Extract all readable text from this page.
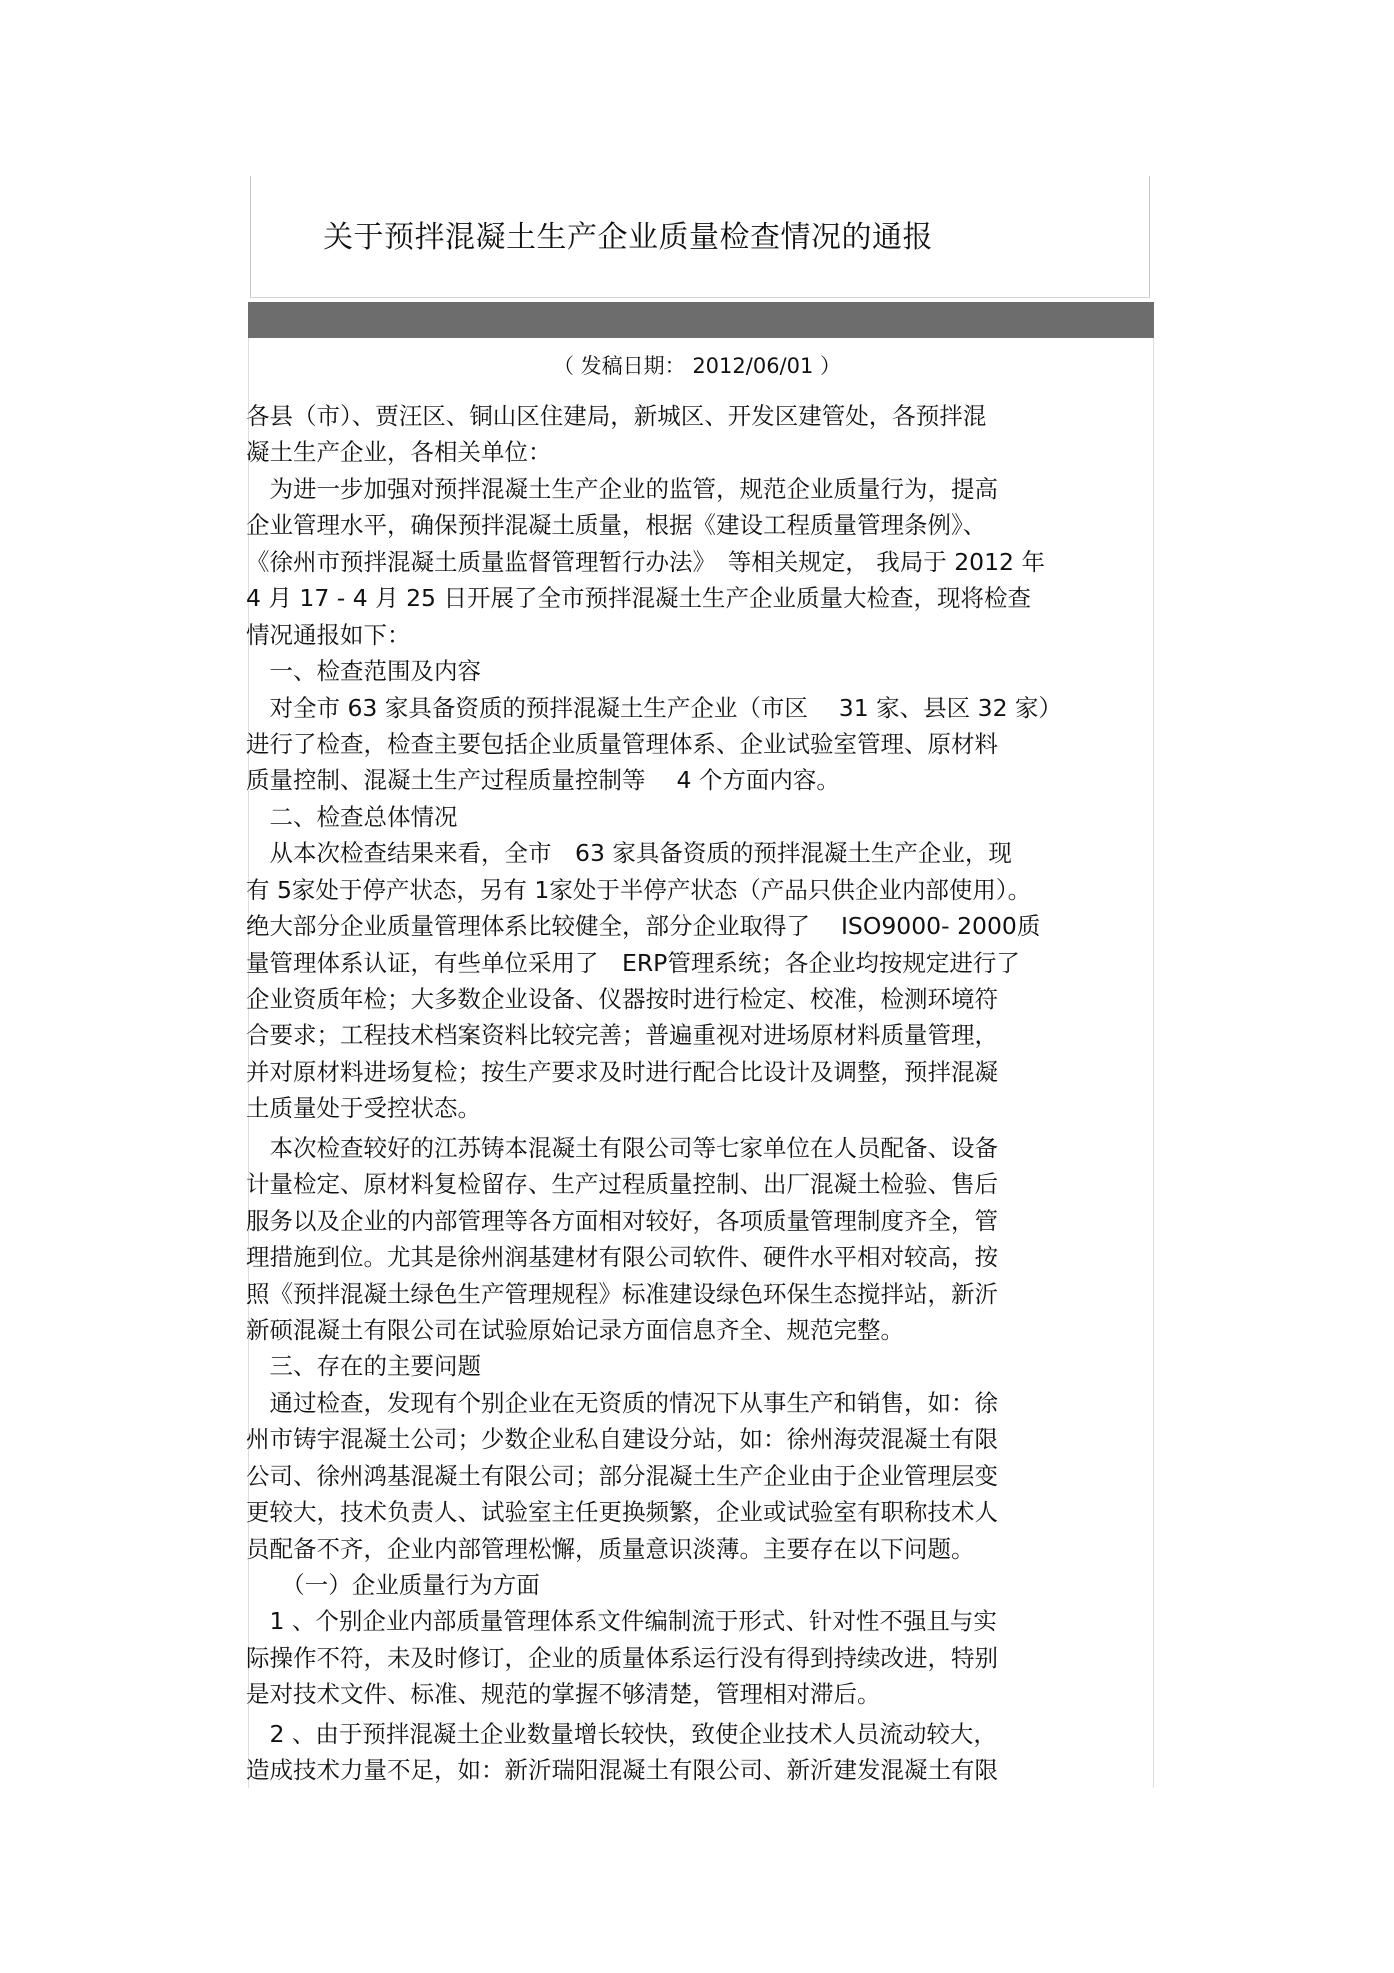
关于预拌混凝土生产企业质量检查情况的通报
（ 发稿日期： 2012/06/01 ）
各县（市）、贾汪区、铜山区住建局，新城区、开发区建管处，各预拌混
凝土生产企业，各相关单位：
　为进一步加强对预拌混凝土生产企业的监管，规范企业质量行为，提高
企业管理水平，确保预拌混凝土质量，根据《建设工程质量管理条例》、
《徐州市预拌混凝土质量监督管理暂行办法》　等相关规定， 我局于 2012 年
4 月 17 - 4 月 25 日开展了全市预拌混凝土生产企业质量大检查，现将检查
情况通报如下：
　一、检查范围及内容
　对全市 63 家具备资质的预拌混凝土生产企业（市区　 31 家、县区 32 家）
进行了检查，检查主要包括企业质量管理体系、企业试验室管理、原材料
质量控制、混凝土生产过程质量控制等　 4 个方面内容。
　二、检查总体情况
　从本次检查结果来看，全市　63 家具备资质的预拌混凝土生产企业，现
有 5家处于停产状态，另有 1家处于半停产状态（产品只供企业内部使用）。
绝大部分企业质量管理体系比较健全，部分企业取得了　 ISO9000- 2000质
量管理体系认证，有些单位采用了　ERP管理系统；各企业均按规定进行了
企业资质年检；大多数企业设备、仪器按时进行检定、校准，检测环境符
合要求；工程技术档案资料比较完善；普遍重视对进场原材料质量管理，
并对原材料进场复检；按生产要求及时进行配合比设计及调整，预拌混凝
土质量处于受控状态。
　本次检查较好的江苏铸本混凝土有限公司等七家单位在人员配备、设备
计量检定、原材料复检留存、生产过程质量控制、出厂混凝土检验、售后
服务以及企业的内部管理等各方面相对较好，各项质量管理制度齐全，管
理措施到位。尤其是徐州润基建材有限公司软件、硬件水平相对较高，按
照《预拌混凝土绿色生产管理规程》标准建设绿色环保生态搅拌站，新沂
新硕混凝土有限公司在试验原始记录方面信息齐全、规范完整。
　三、存在的主要问题
　通过检查，发现有个别企业在无资质的情况下从事生产和销售，如：徐
州市铸宇混凝土公司；少数企业私自建设分站，如：徐州海荧混凝土有限
公司、徐州鸿基混凝土有限公司；部分混凝土生产企业由于企业管理层变
更较大，技术负责人、试验室主任更换频繁，企业或试验室有职称技术人
员配备不齐，企业内部管理松懈，质量意识淡薄。主要存在以下问题。
　　（一）企业质量行为方面
　1 、个别企业内部质量管理体系文件编制流于形式、针对性不强且与实
际操作不符，未及时修订，企业的质量体系运行没有得到持续改进，特别
是对技术文件、标准、规范的掌握不够清楚，管理相对滞后。
　2 、由于预拌混凝土企业数量增长较快，致使企业技术人员流动较大，
造成技术力量不足，如：新沂瑞阳混凝土有限公司、新沂建发混凝土有限
